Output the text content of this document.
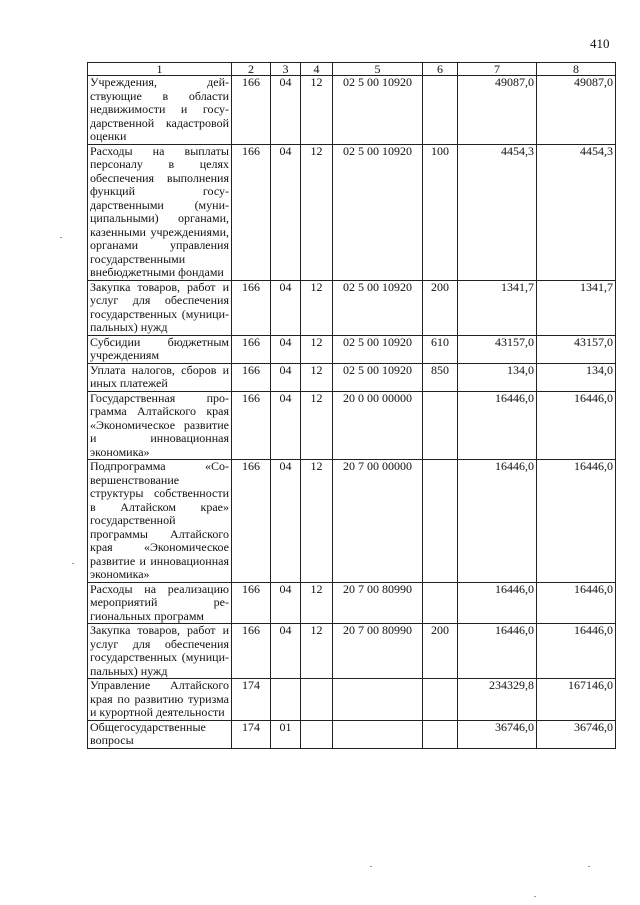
410
1	2	3	4	5	6	7	8
Учреждения, действующие в области недвижимости и государственной кадастровой оценки	166	04	12	02 5 00 10920		49087,0	49087,0
Расходы на выплаты персоналу в целях обеспечения выполнения функций государственными (муниципальными) органами, казенными учреждениями, органами управления государственными внебюджетными фондами	166	04	12	02 5 00 10920	100	4454,3	4454,3
Закупка товаров, работ и услуг для обеспечения государственных (муниципальных) нужд	166	04	12	02 5 00 10920	200	1341,7	1341,7
Субсидии бюджетным учреждениям	166	04	12	02 5 00 10920	610	43157,0	43157,0
Уплата налогов, сборов и иных платежей	166	04	12	02 5 00 10920	850	134,0	134,0
Государственная программа Алтайского края «Экономическое развитие и инновационная экономика»	166	04	12	20 0 00 00000		16446,0	16446,0
Подпрограмма «Совершенствование структуры собственности в Алтайском крае» государственной программы Алтайского края «Экономическое развитие и инновационная экономика»	166	04	12	20 7 00 00000		16446,0	16446,0
Расходы на реализацию мероприятий региональных программ	166	04	12	20 7 00 80990		16446,0	16446,0
Закупка товаров, работ и услуг для обеспечения государственных (муниципальных) нужд	166	04	12	20 7 00 80990	200	16446,0	16446,0
Управление Алтайского края по развитию туризма и курортной деятельности	174					234329,8	167146,0
Общегосударственные вопросы	174	01				36746,0	36746,0
